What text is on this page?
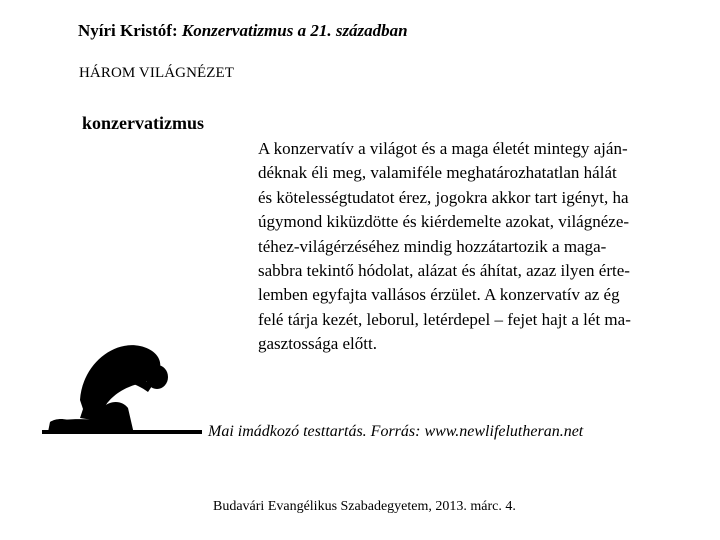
Nyíri Kristóf: Konzervatizmus a 21. században
HÁROM VILÁGNÉZET
konzervatizmus
A konzervatív a világot és a maga életét mintegy aján-
déknak éli meg, valamiféle meghatározhatatlan hálát
és kötelességtudatot érez, jogokra akkor tart igényt, ha
úgymond kiküzdötte és kiérdemelte azokat, világnéze-
téhez-világérzéséhez mindig hozzátartozik a maga-
sabbra tekintő hódolat, alázat és áhítat, azaz ilyen érte-
lemben egyfajta vallásos érzület. A konzervatív az ég
felé tárja kezét, leborul, letérdepel – fejet hajt a lét ma-
gasztossága előtt.
Mai imádkozó testtartás. Forrás: www.newlifelutheran.net
Budavári Evangélikus Szabadegyetem, 2013. márc. 4.
